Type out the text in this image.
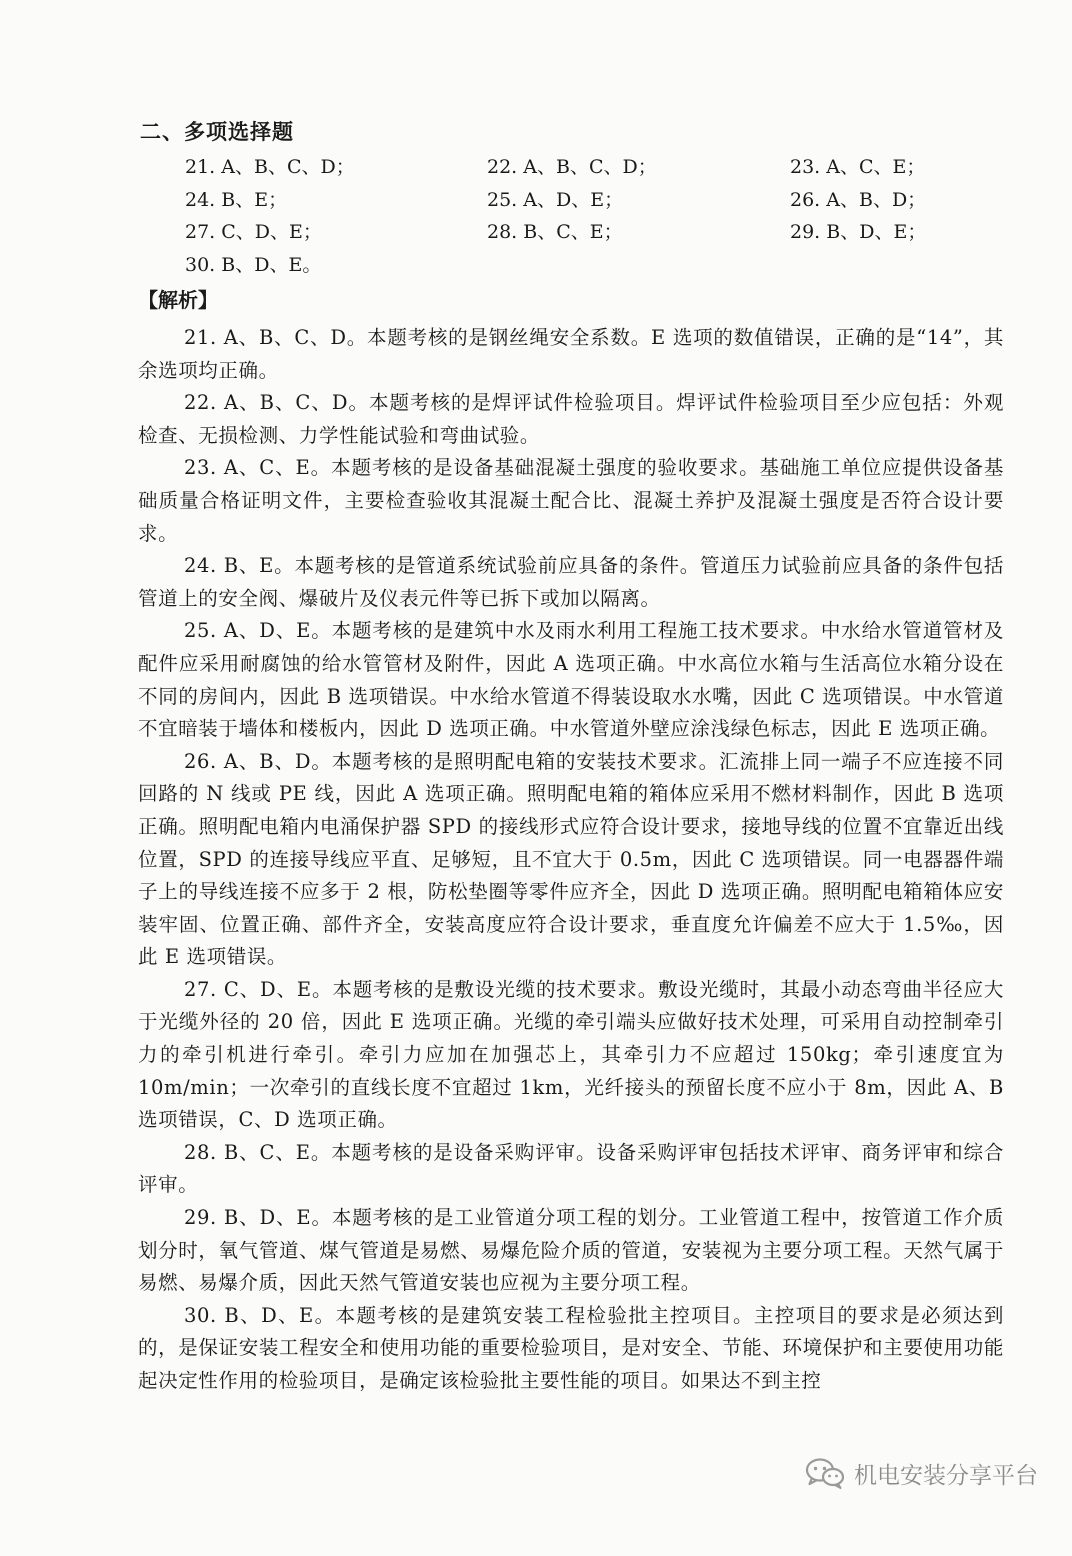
二、多项选择题
21. A、B、C、D；	22. A、B、C、D；	23. A、C、E；
24. B、E；	25. A、D、E；	26. A、B、D；
27. C、D、E；	28. B、C、E；	29. B、D、E；
30. B、D、E。
【解析】

21. A、B、C、D。本题考核的是钢丝绳安全系数。E 选项的数值错误，正确的是“14”，其余选项均正确。

22. A、B、C、D。本题考核的是焊评试件检验项目。焊评试件检验项目至少应包括：外观检查、无损检测、力学性能试验和弯曲试验。

23. A、C、E。本题考核的是设备基础混凝土强度的验收要求。基础施工单位应提供设备基础质量合格证明文件，主要检查验收其混凝土配合比、混凝土养护及混凝土强度是否符合设计要求。

24. B、E。本题考核的是管道系统试验前应具备的条件。管道压力试验前应具备的条件包括管道上的安全阀、爆破片及仪表元件等已拆下或加以隔离。

25. A、D、E。本题考核的是建筑中水及雨水利用工程施工技术要求。中水给水管道管材及配件应采用耐腐蚀的给水管管材及附件，因此 A 选项正确。中水高位水箱与生活高位水箱分设在不同的房间内，因此 B 选项错误。中水给水管道不得装设取水水嘴，因此 C 选项错误。中水管道不宜暗装于墙体和楼板内，因此 D 选项正确。中水管道外壁应涂浅绿色标志，因此 E 选项正确。

26. A、B、D。本题考核的是照明配电箱的安装技术要求。汇流排上同一端子不应连接不同回路的 N 线或 PE 线，因此 A 选项正确。照明配电箱的箱体应采用不燃材料制作，因此 B 选项正确。照明配电箱内电涌保护器 SPD 的接线形式应符合设计要求，接地导线的位置不宜靠近出线位置，SPD 的连接导线应平直、足够短，且不宜大于 0.5m，因此 C 选项错误。同一电器器件端子上的导线连接不应多于 2 根，防松垫圈等零件应齐全，因此 D 选项正确。照明配电箱箱体应安装牢固、位置正确、部件齐全，安装高度应符合设计要求，垂直度允许偏差不应大于 1.5‰，因此 E 选项错误。

27. C、D、E。本题考核的是敷设光缆的技术要求。敷设光缆时，其最小动态弯曲半径应大于光缆外径的 20 倍，因此 E 选项正确。光缆的牵引端头应做好技术处理，可采用自动控制牵引力的牵引机进行牵引。牵引力应加在加强芯上，其牵引力不应超过 150kg；牵引速度宜为 10m/min；一次牵引的直线长度不宜超过 1km，光纤接头的预留长度不应小于 8m，因此 A、B 选项错误，C、D 选项正确。

28. B、C、E。本题考核的是设备采购评审。设备采购评审包括技术评审、商务评审和综合评审。

29. B、D、E。本题考核的是工业管道分项工程的划分。工业管道工程中，按管道工作介质划分时，氧气管道、煤气管道是易燃、易爆危险介质的管道，安装视为主要分项工程。天然气属于易燃、易爆介质，因此天然气管道安装也应视为主要分项工程。

30. B、D、E。本题考核的是建筑安装工程检验批主控项目。主控项目的要求是必须达到的，是保证安装工程安全和使用功能的重要检验项目，是对安全、节能、环境保护和主要使用功能起决定性作用的检验项目，是确定该检验批主要性能的项目。如果达不到主控

机电安装分享平台
